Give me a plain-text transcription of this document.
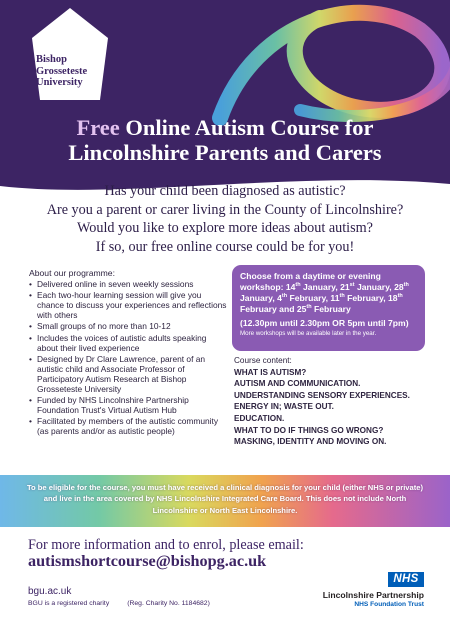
Bishop
Grosseteste
University
Free Online Autism Course for
Lincolnshire Parents and Carers
Has your child been diagnosed as autistic?
Are you a parent or carer living in the County of Lincolnshire?
Would you like to explore more ideas about autism?
If so, our free online course could be for you!
About our programme:
• Delivered online in seven weekly sessions
• Each two-hour learning session will give you chance to discuss your experiences and reflections with others
• Small groups of no more than 10-12
• Includes the voices of autistic adults speaking about their lived experience
• Designed by Dr Clare Lawrence, parent of an autistic child and Associate Professor of Participatory Autism Research at Bishop Grosseteste University
• Funded by NHS Lincolnshire Partnership Foundation Trust's Virtual Autism Hub
• Facilitated by members of the autistic community (as parents and/or as autistic people)
Choose from a daytime or evening workshop: 14th January, 21st January, 28th January, 4th February, 11th February, 18th February and 25th February
(12.30pm until 2.30pm OR 5pm until 7pm)
More workshops will be available later in the year.
Course content:
WHAT IS AUTISM?
AUTISM AND COMMUNICATION.
UNDERSTANDING SENSORY EXPERIENCES.
ENERGY IN; WASTE OUT.
EDUCATION.
WHAT TO DO IF THINGS GO WRONG?
MASKING, IDENTITY AND MOVING ON.
To be eligible for the course, you must have received a clinical diagnosis for your child (either NHS or private) and live in the area covered by NHS Lincolnshire Integrated Care Board. This does not include North Lincolnshire or North East Lincolnshire.
For more information and to enrol, please email:
autismshortcourse@bishopg.ac.uk
bgu.ac.uk
BGU is a registered charity	(Reg. Charity No. 1184682)
NHS
Lincolnshire Partnership
NHS Foundation Trust
